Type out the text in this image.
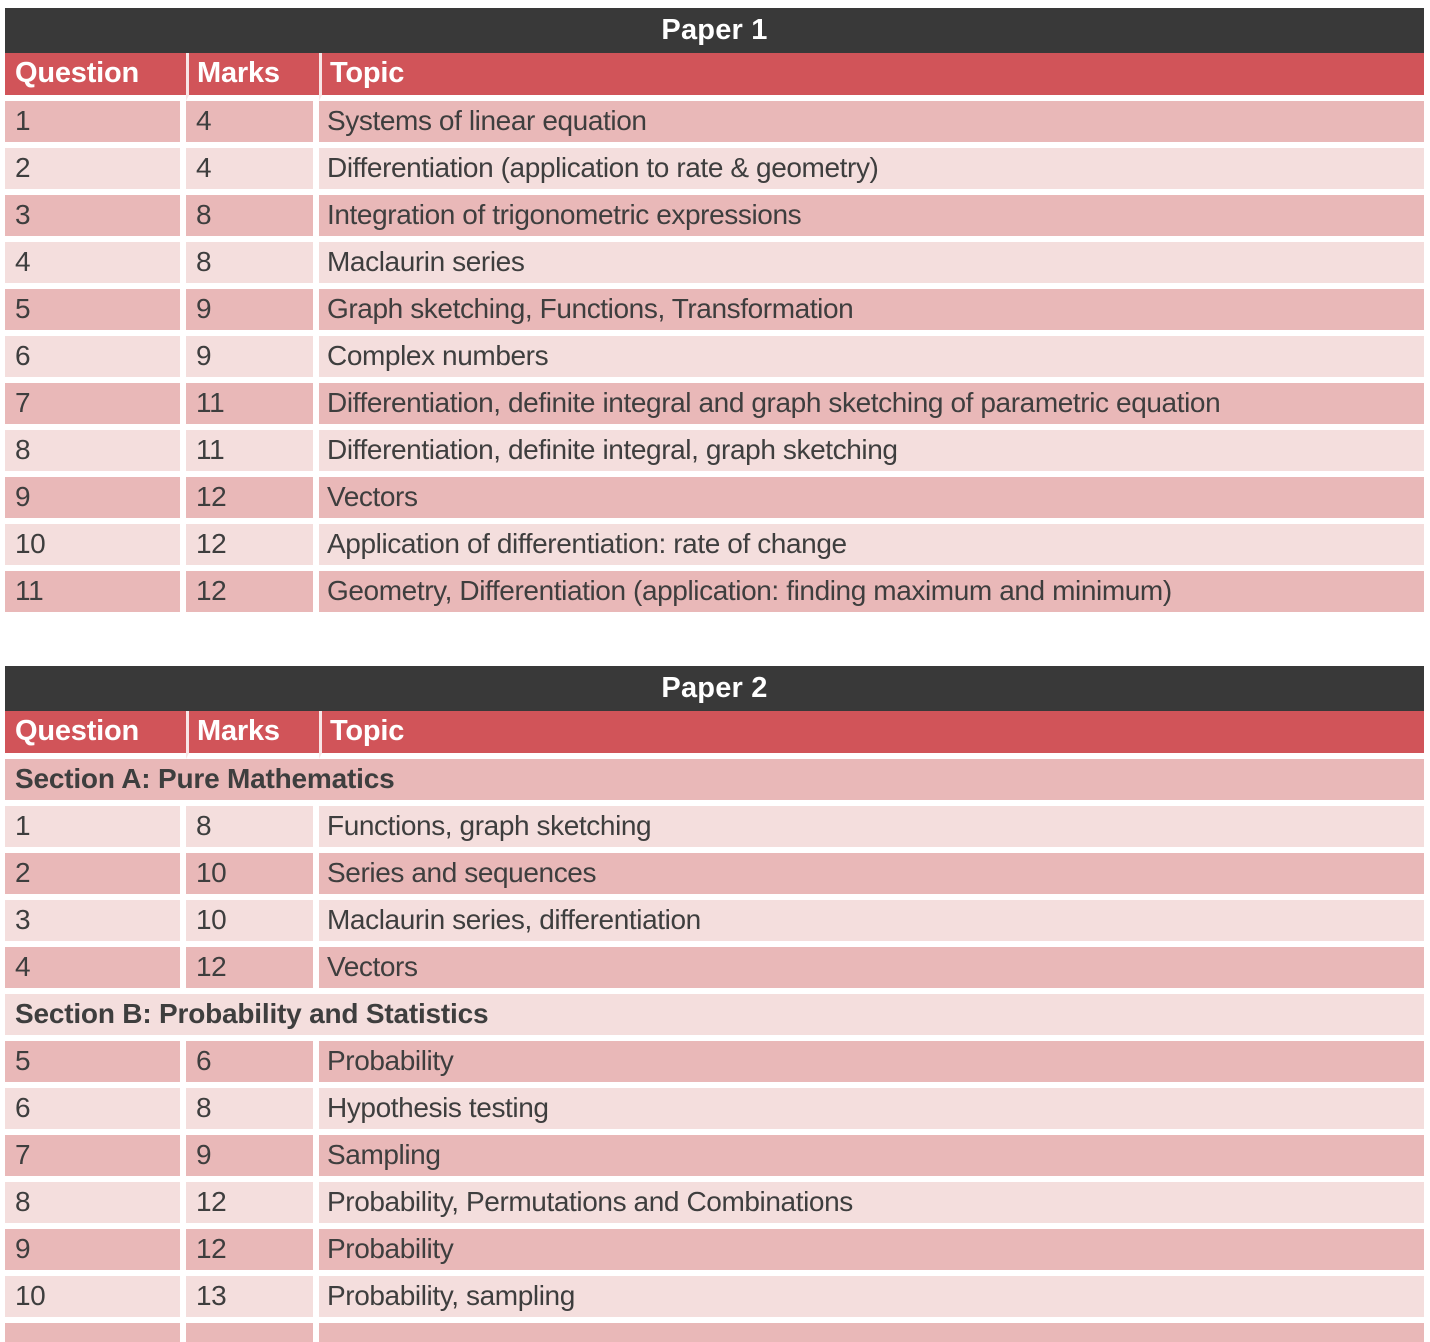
Paper 1		
Question	Marks	Topic
1	4	Systems of linear equation
2	4	Differentiation (application to rate & geometry)
3	8	Integration of trigonometric expressions
4	8	Maclaurin series
5	9	Graph sketching, Functions, Transformation
6	9	Complex numbers
7	11	Differentiation, definite integral and graph sketching of parametric equation
8	11	Differentiation, definite integral, graph sketching
9	12	Vectors
10	12	Application of differentiation: rate of change
11	12	Geometry, Differentiation (application: finding maximum and minimum)
Paper 2		
Question	Marks	Topic
Section A: Pure Mathematics		
1	8	Functions, graph sketching
2	10	Series and sequences
3	10	Maclaurin series, differentiation
4	12	Vectors
Section B: Probability and Statistics		
5	6	Probability
6	8	Hypothesis testing
7	9	Sampling
8	12	Probability, Permutations and Combinations
9	12	Probability
10	13	Probability, sampling
